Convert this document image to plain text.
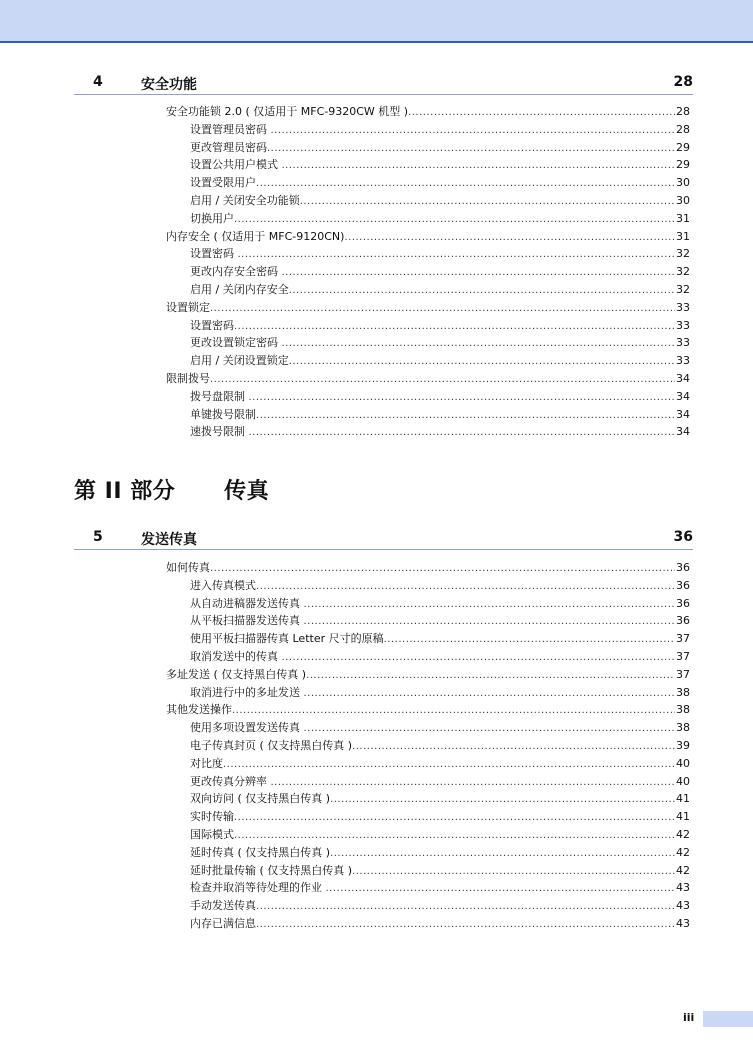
4	安全功能	28
安全功能锁 2.0 ( 仅适用于 MFC-9320CW 机型 ) .....	28
设置管理员密码 .....	28
更改管理员密码 .....	29
设置公共用户模式 .....	29
设置受限用户 .....	30
启用 / 关闭安全功能锁 .....	30
切换用户 .....	31
内存安全 ( 仅适用于 MFC-9120CN) .....	31
设置密码 .....	32
更改内存安全密码 .....	32
启用 / 关闭内存安全 .....	32
设置锁定 .....	33
设置密码 .....	33
更改设置锁定密码 .....	33
启用 / 关闭设置锁定 .....	33
限制拨号 .....	34
拨号盘限制 .....	34
单键拨号限制 .....	34
速拨号限制 .....	34
第 II 部分      传真
5	发送传真	36
如何传真 .....	36
进入传真模式 .....	36
从自动进稿器发送传真 .....	36
从平板扫描器发送传真 .....	36
使用平板扫描器传真 Letter 尺寸的原稿 .....	37
取消发送中的传真 .....	37
多址发送 ( 仅支持黑白传真 ) .....	37
取消进行中的多址发送 .....	38
其他发送操作 .....	38
使用多项设置发送传真 .....	38
电子传真封页 ( 仅支持黑白传真 ) .....	39
对比度 .....	40
更改传真分辨率 .....	40
双向访问 ( 仅支持黑白传真 ) .....	41
实时传输 .....	41
国际模式 .....	42
延时传真 ( 仅支持黑白传真 ) .....	42
延时批量传输 ( 仅支持黑白传真 ) .....	42
检查并取消等待处理的作业 .....	43
手动发送传真 .....	43
内存已满信息 .....	43
iii
